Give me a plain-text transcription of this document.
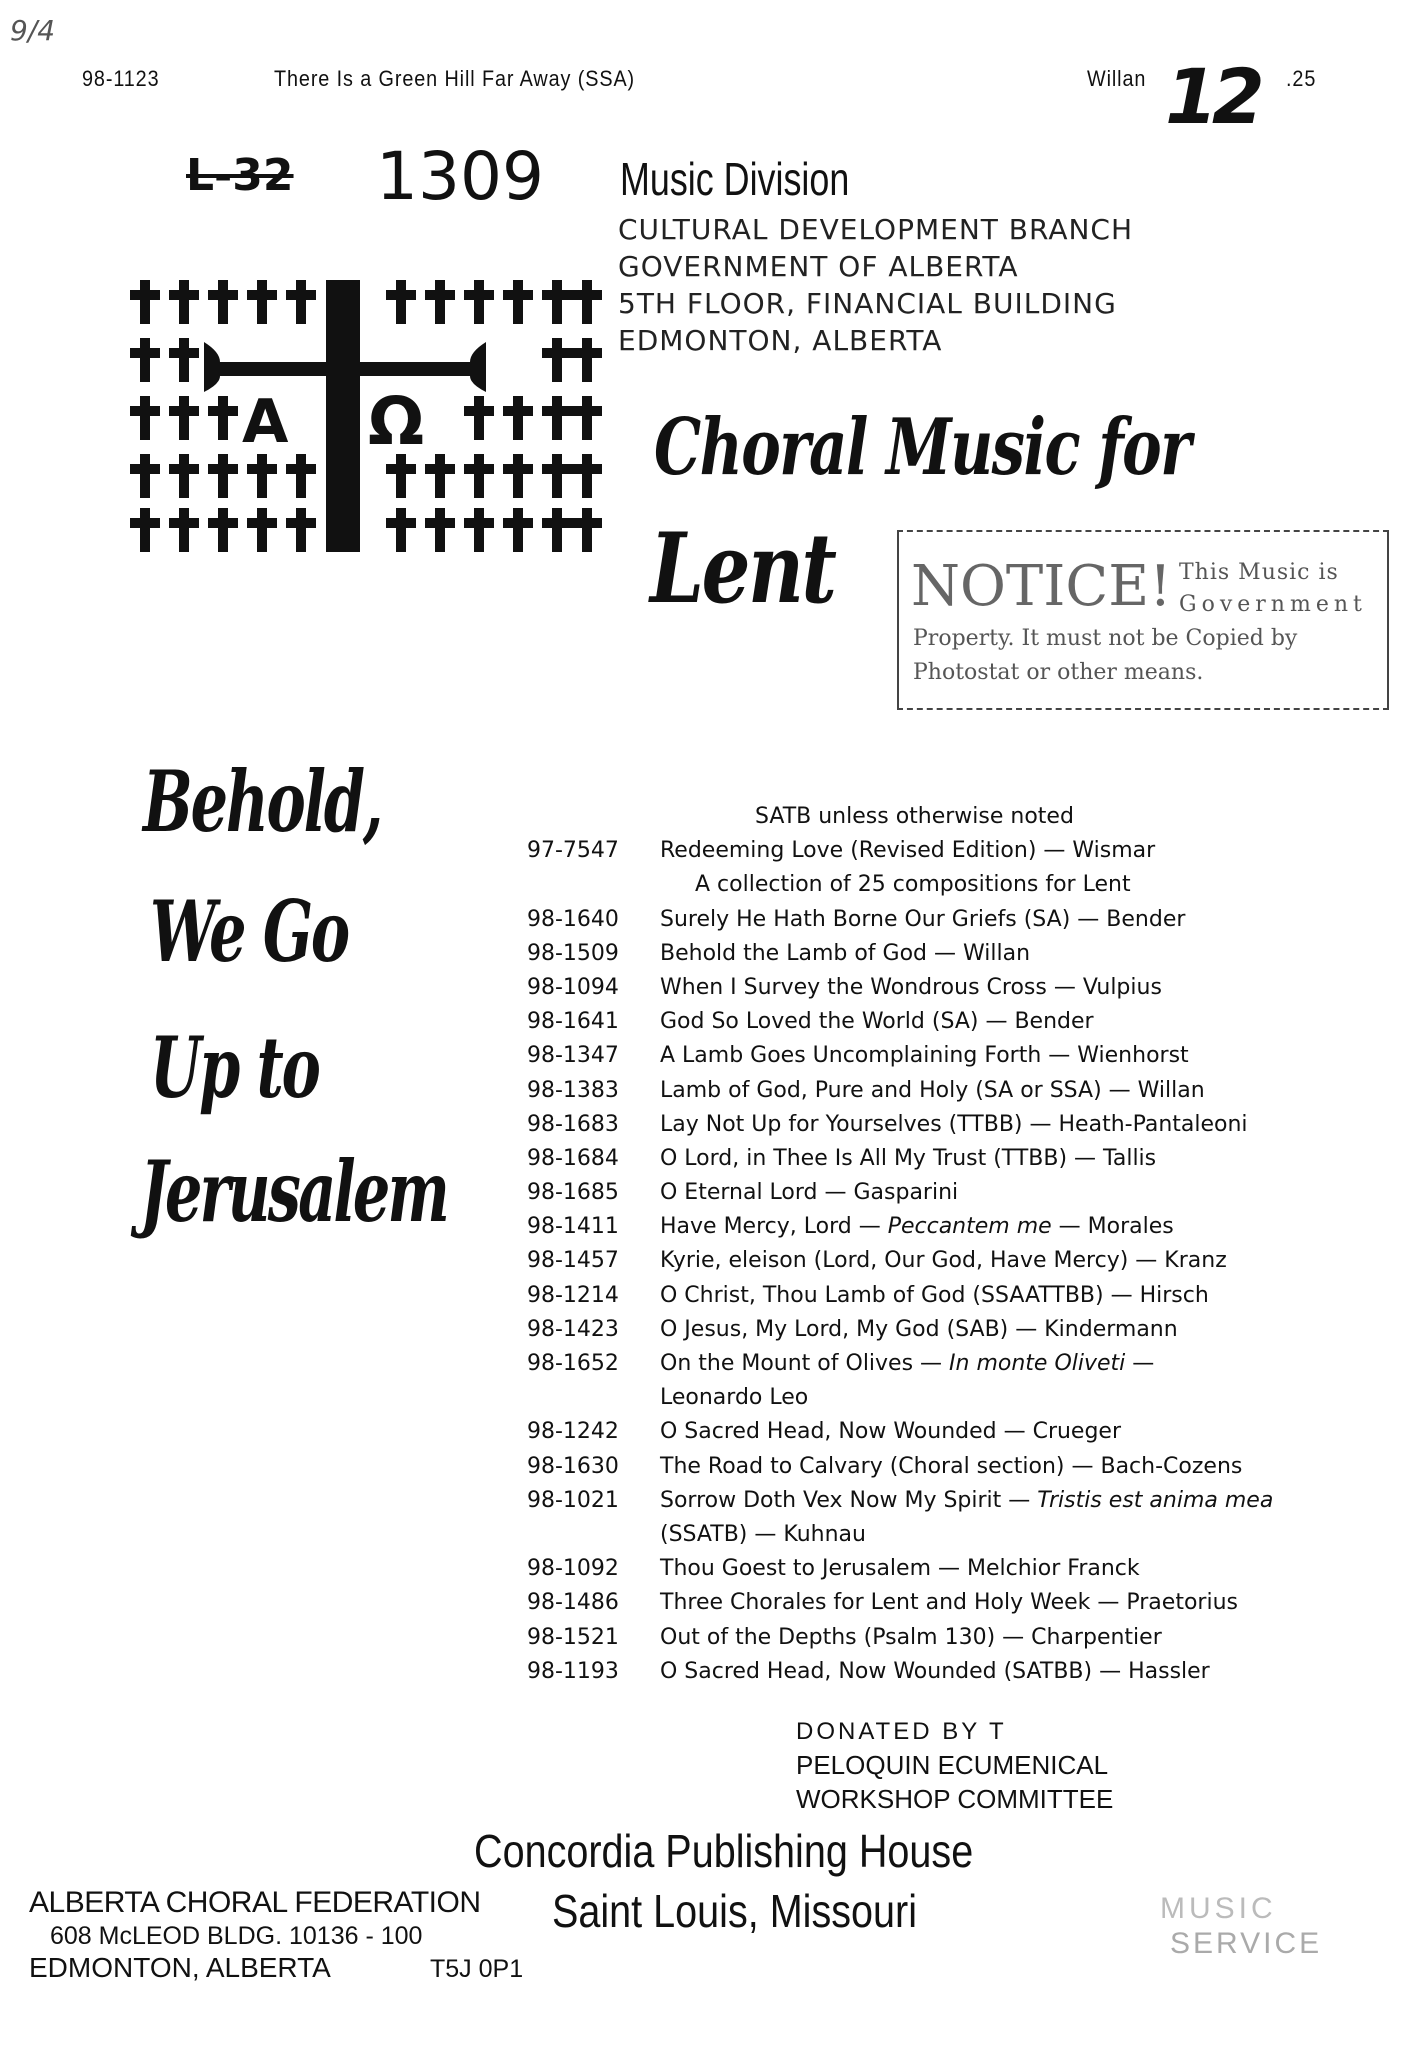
9/4
98-1123	There Is a Green Hill Far Away (SSA)	Willan 12 .25
L-32 1309 Music Division
CULTURAL DEVELOPMENT BRANCH
GOVERNMENT OF ALBERTA
5TH FLOOR, FINANCIAL BUILDING
EDMONTON, ALBERTA
A Ω	Choral Music for
Lent NOTICE! This Music is
Government
Property. It must not be Copied by
Photostat or other means.
Behold,
We Go
Up to
Jerusalem
SATB unless otherwise noted
97-7547 Redeeming Love (Revised Edition) — Wismar
A collection of 25 compositions for Lent
98-1640 Surely He Hath Borne Our Griefs (SA) — Bender
98-1509 Behold the Lamb of God — Willan
98-1094 When I Survey the Wondrous Cross — Vulpius
98-1641 God So Loved the World (SA) — Bender
98-1347 A Lamb Goes Uncomplaining Forth — Wienhorst
98-1383 Lamb of God, Pure and Holy (SA or SSA) — Willan
98-1683 Lay Not Up for Yourselves (TTBB) — Heath-Pantaleoni
98-1684 O Lord, in Thee Is All My Trust (TTBB) — Tallis
98-1685 O Eternal Lord — Gasparini
98-1411 Have Mercy, Lord — Peccantem me — Morales
98-1457 Kyrie, eleison (Lord, Our God, Have Mercy) — Kranz
98-1214 O Christ, Thou Lamb of God (SSAATTBB) — Hirsch
98-1423 O Jesus, My Lord, My God (SAB) — Kindermann
98-1652 On the Mount of Olives — In monte Oliveti —
Leonardo Leo
98-1242 O Sacred Head, Now Wounded — Crueger
98-1630 The Road to Calvary (Choral section) — Bach-Cozens
98-1021 Sorrow Doth Vex Now My Spirit — Tristis est anima mea
(SSATB) — Kuhnau
98-1092 Thou Goest to Jerusalem — Melchior Franck
98-1486 Three Chorales for Lent and Holy Week — Praetorius
98-1521 Out of the Depths (Psalm 130) — Charpentier
98-1193 O Sacred Head, Now Wounded (SATBB) — Hassler
DONATED BY T
PELOQUIN ECUMENICAL
WORKSHOP COMMITTEE
Concordia Publishing House
Saint Louis, Missouri
ALBERTA CHORAL FEDERATION
608 McLEOD BLDG. 10136 - 100
EDMONTON, ALBERTA	T5J 0P1
MUSIC
SERVICE
